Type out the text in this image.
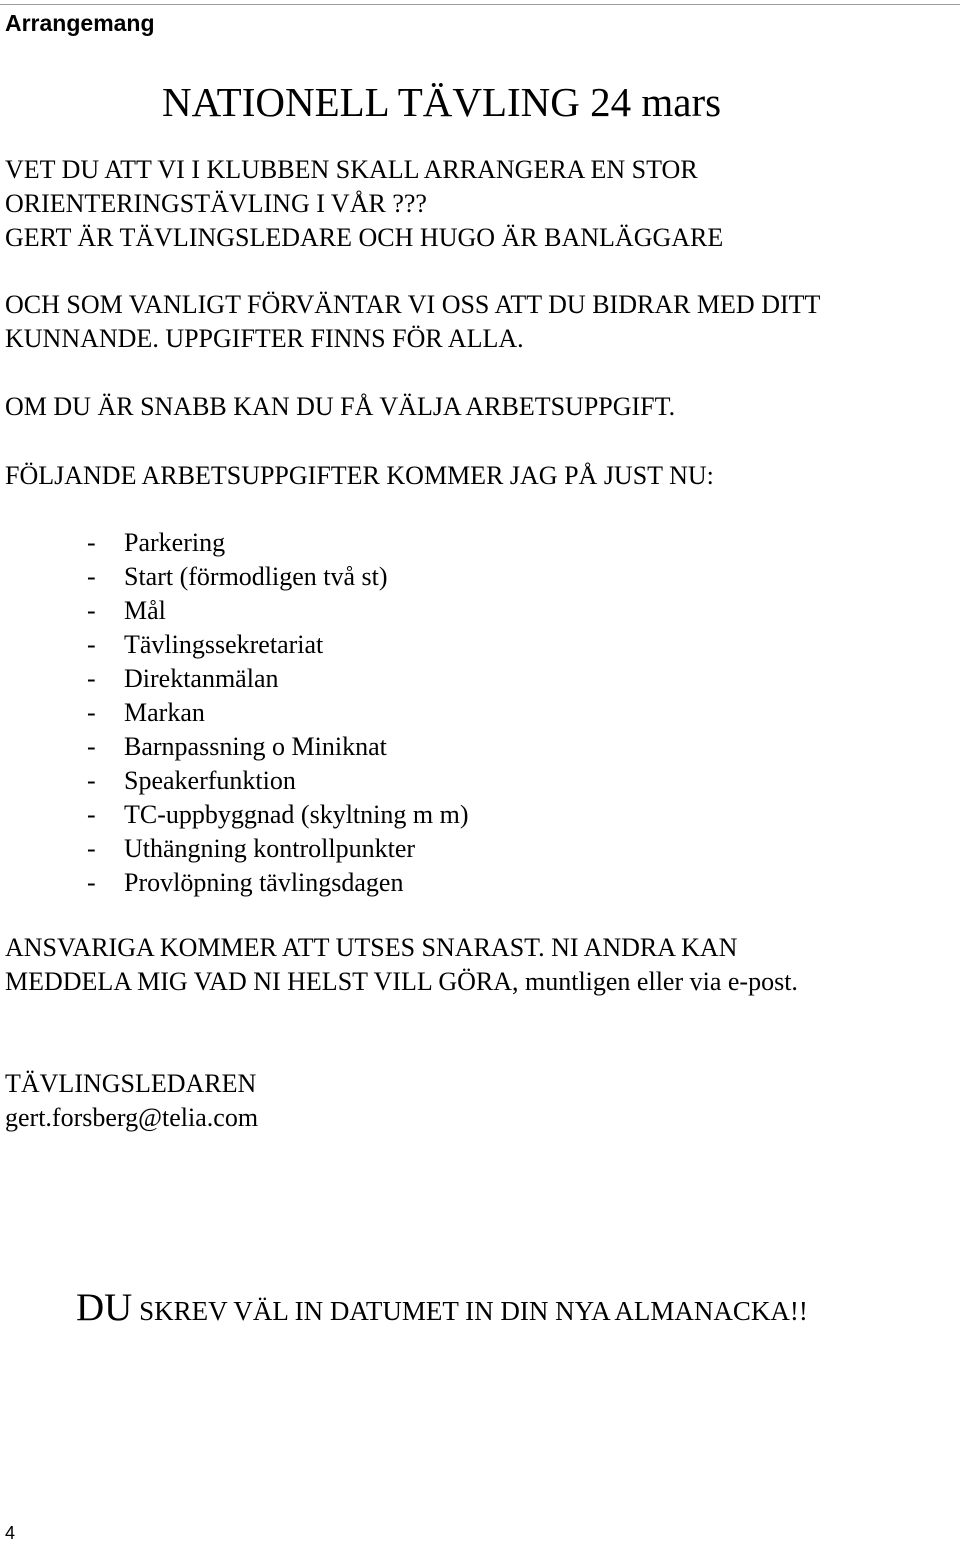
Arrangemang
NATIONELL TÄVLING 24 mars
VET DU ATT VI I KLUBBEN SKALL ARRANGERA EN STOR
ORIENTERINGSTÄVLING I VÅR ???
GERT ÄR TÄVLINGSLEDARE OCH HUGO ÄR BANLÄGGARE
OCH SOM VANLIGT FÖRVÄNTAR VI OSS ATT DU BIDRAR MED DITT
KUNNANDE. UPPGIFTER FINNS FÖR ALLA.
OM DU ÄR SNABB KAN DU FÅ VÄLJA ARBETSUPPGIFT.
FÖLJANDE ARBETSUPPGIFTER KOMMER JAG PÅ JUST NU:
-	Parkering
-	Start (förmodligen två st)
-	Mål
-	Tävlingssekretariat
-	Direktanmälan
-	Markan
-	Barnpassning o Miniknat
-	Speakerfunktion
-	TC-uppbyggnad (skyltning m m)
-	Uthängning kontrollpunkter
-	Provlöpning tävlingsdagen
ANSVARIGA KOMMER ATT UTSES SNARAST. NI ANDRA KAN
MEDDELA MIG VAD NI HELST VILL GÖRA, muntligen eller via e-post.
TÄVLINGSLEDAREN
gert.forsberg@telia.com
DU SKREV VÄL IN DATUMET IN DIN NYA ALMANACKA!!
4
